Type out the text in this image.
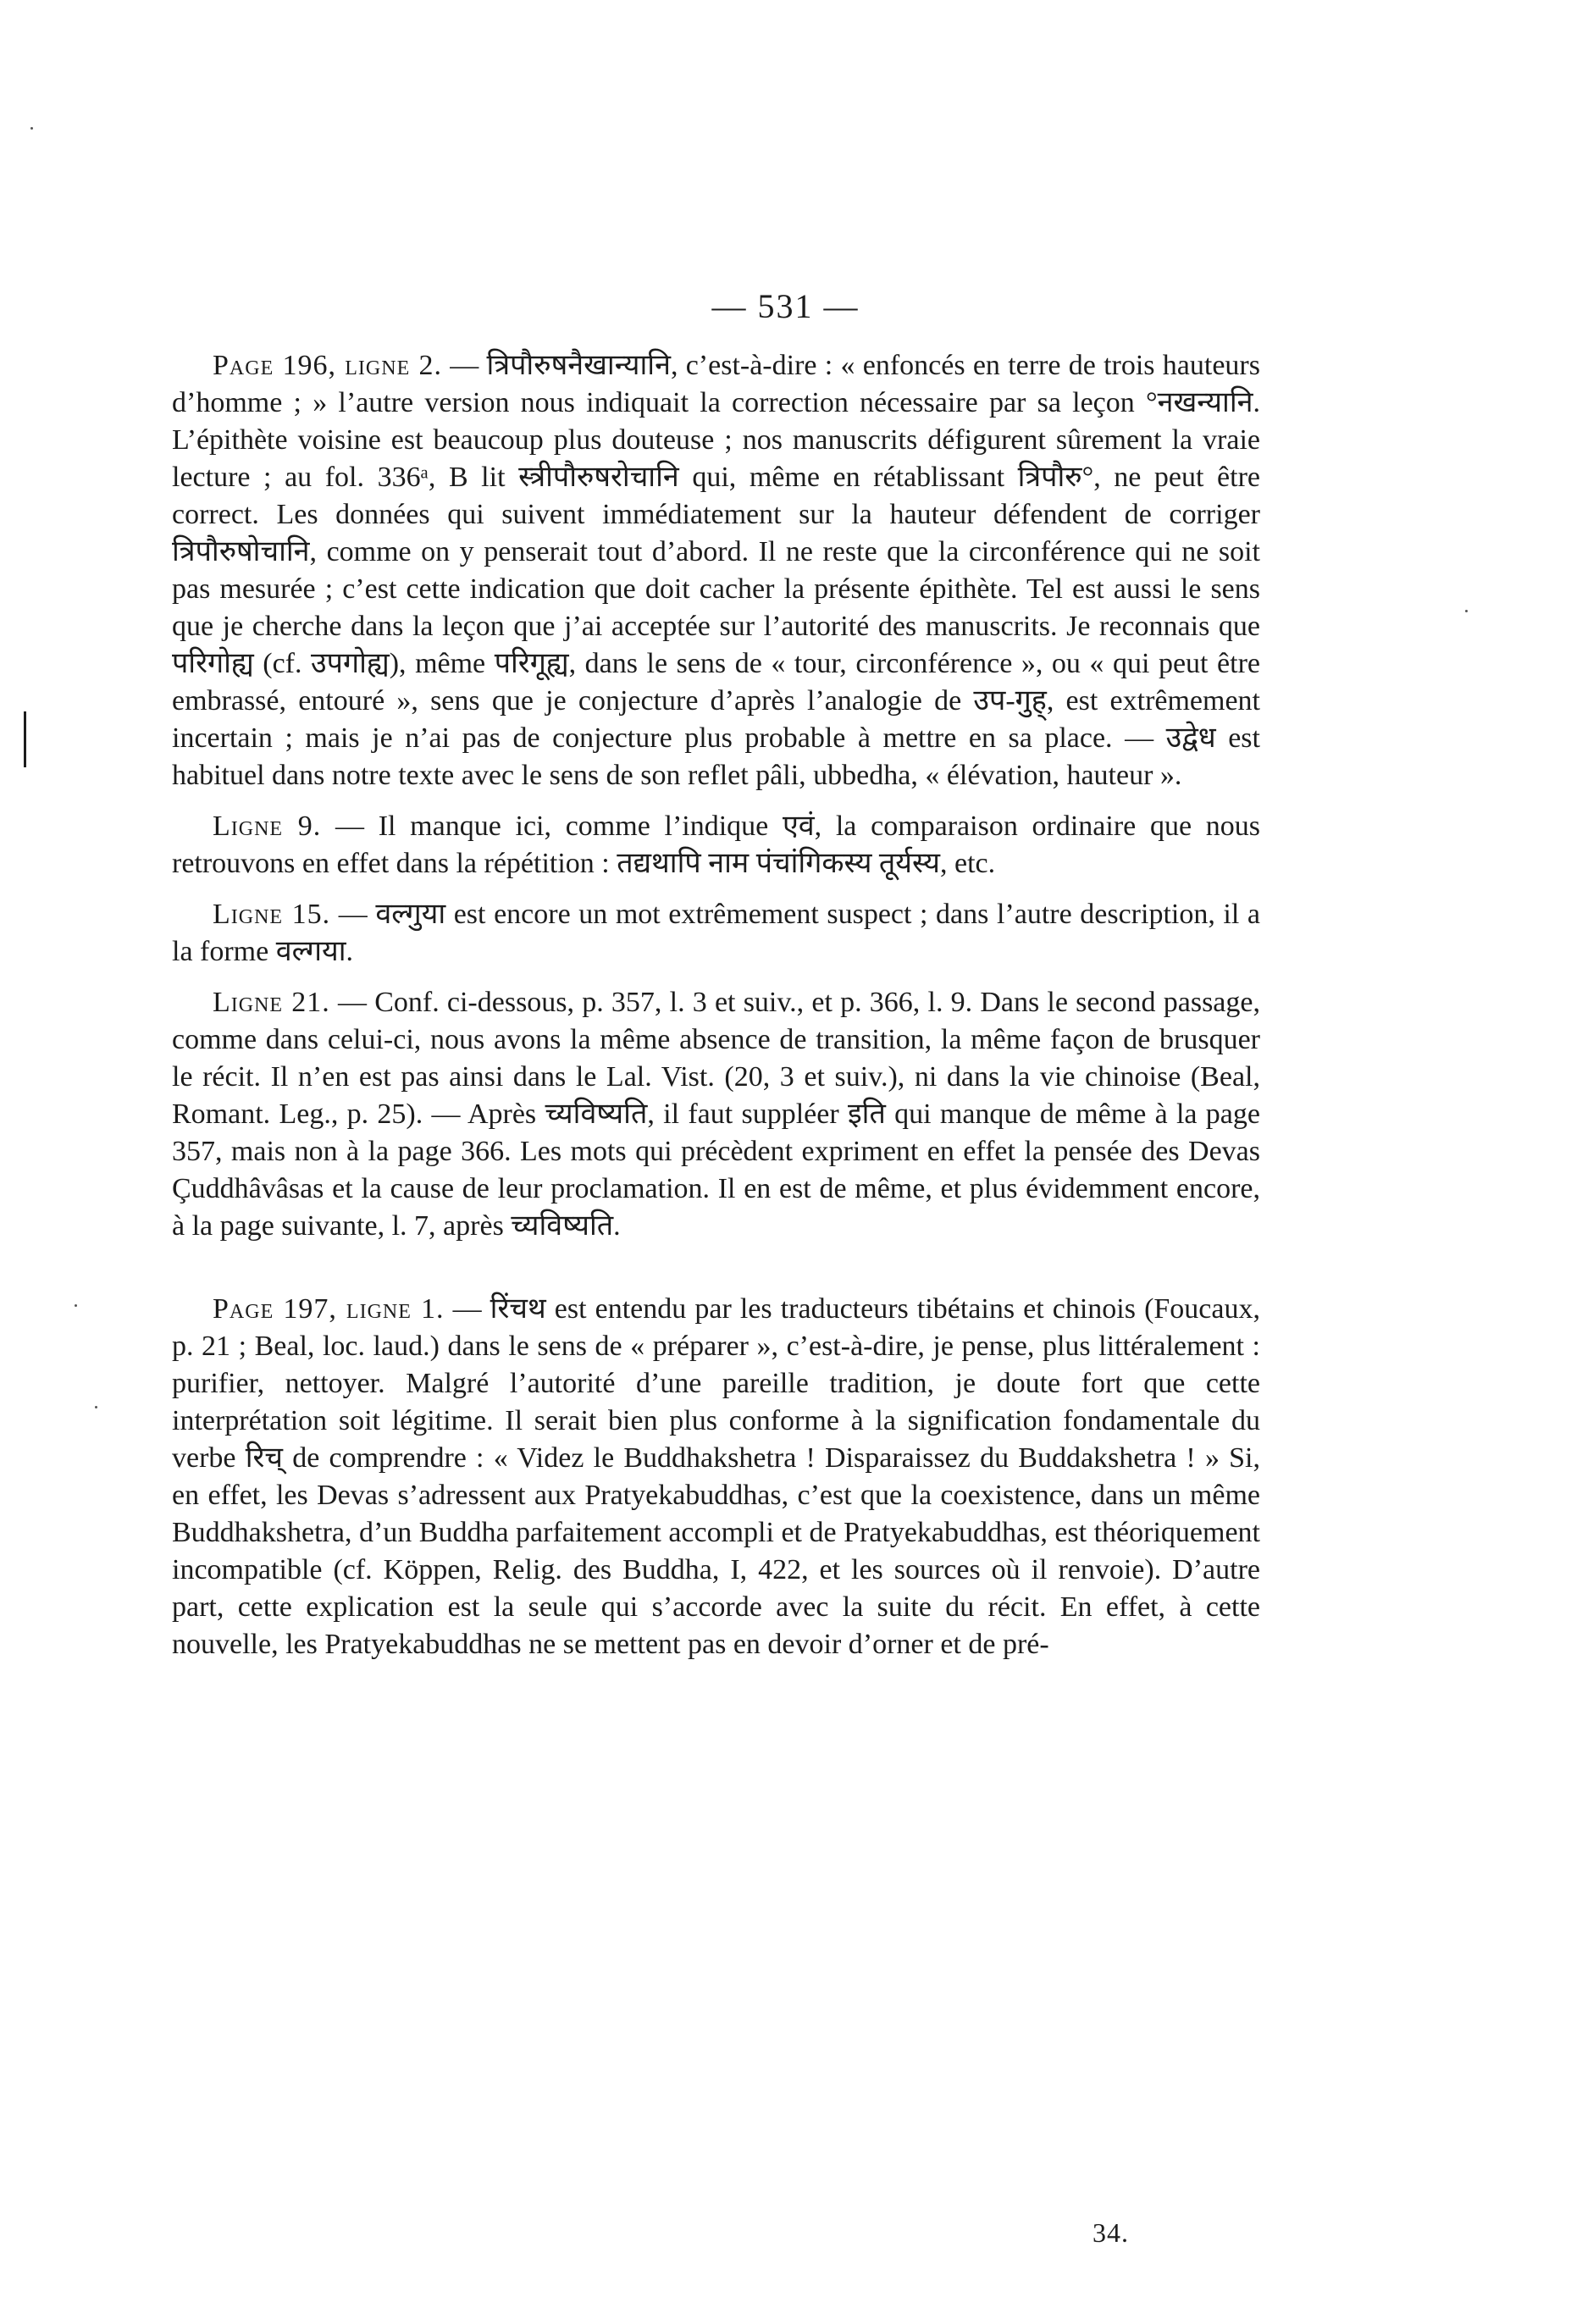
— 531 —

Page 196, ligne 2. — त्रिपौरुषनैखान्यानि, c’est-à-dire : « enfoncés en terre de trois hauteurs d’homme ; » l’autre version nous indiquait la correction nécessaire par sa leçon °नखन्यानि. L’épithète voisine est beaucoup plus douteuse ; nos manuscrits défigurent sûrement la vraie lecture ; au fol. 336ᵃ, B lit स्त्रीपौरुषरोचानि qui, même en rétablissant त्रिपौरु°, ne peut être correct. Les données qui suivent immédiatement sur la hauteur défendent de corriger त्रिपौरुषोचानि, comme on y penserait tout d’abord. Il ne reste que la circonférence qui ne soit pas mesurée ; c’est cette indication que doit cacher la présente épithète. Tel est aussi le sens que je cherche dans la leçon que j’ai acceptée sur l’autorité des manuscrits. Je reconnais que परिगोह्य (cf. उपगोह्य), même परिगूह्य, dans le sens de « tour, circonférence », ou « qui peut être embrassé, entouré », sens que je conjecture d’après l’analogie de उप-गुह्, est extrêmement incertain ; mais je n’ai pas de conjecture plus probable à mettre en sa place. — उद्वेध est habituel dans notre texte avec le sens de son reflet pâli, ubbedha, « élévation, hauteur ».

Ligne 9. — Il manque ici, comme l’indique एवं, la comparaison ordinaire que nous retrouvons en effet dans la répétition : तद्यथापि नाम पंचांगिकस्य तूर्यस्य, etc.

Ligne 15. — वल्गुया est encore un mot extrêmement suspect ; dans l’autre description, il a la forme वल्गया.

Ligne 21. — Conf. ci-dessous, p. 357, l. 3 et suiv., et p. 366, l. 9. Dans le second passage, comme dans celui-ci, nous avons la même absence de transition, la même façon de brusquer le récit. Il n’en est pas ainsi dans le Lal. Vist. (20, 3 et suiv.), ni dans la vie chinoise (Beal, Romant. Leg., p. 25). — Après च्यविष्यति, il faut suppléer इति qui manque de même à la page 357, mais non à la page 366. Les mots qui précèdent expriment en effet la pensée des Devas Çuddhâvâsas et la cause de leur proclamation. Il en est de même, et plus évidemment encore, à la page suivante, l. 7, après च्यविष्यति.

Page 197, ligne 1. — रिंचथ est entendu par les traducteurs tibétains et chinois (Foucaux, p. 21 ; Beal, loc. laud.) dans le sens de « préparer », c’est-à-dire, je pense, plus littéralement : purifier, nettoyer. Malgré l’autorité d’une pareille tradition, je doute fort que cette interprétation soit légitime. Il serait bien plus conforme à la signification fondamentale du verbe रिच् de comprendre : « Videz le Buddhakshetra ! Disparaissez du Buddakshetra ! » Si, en effet, les Devas s’adressent aux Pratyekabuddhas, c’est que la coexistence, dans un même Buddhakshetra, d’un Buddha parfaitement accompli et de Pratyekabuddhas, est théoriquement incompatible (cf. Köppen, Relig. des Buddha, I, 422, et les sources où il renvoie). D’autre part, cette explication est la seule qui s’accorde avec la suite du récit. En effet, à cette nouvelle, les Pratyekabuddhas ne se mettent pas en devoir d’orner et de pré-

34.
